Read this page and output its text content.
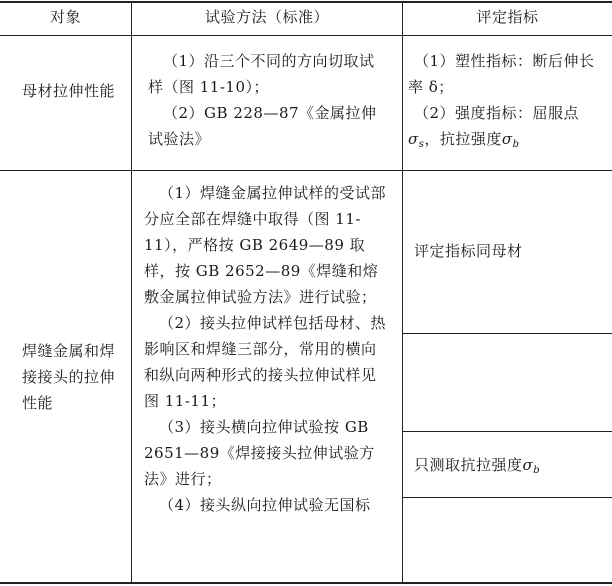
对象	试验方法（标准）	评定指标
母材拉伸性能
（1）沿三个不同的方向切取试样（图 11-10）；
（2）GB 228—87《金属拉伸试验法》
（1）塑性指标：断后伸长率 δ；
（2）强度指标：屈服点$\sigma_s$，抗拉强度$\sigma_b$
焊缝金属和焊接接头的拉伸性能
（1）焊缝金属拉伸试样的受试部分应全部在焊缝中取得（图 11-11），严格按 GB 2649—89 取样，按 GB 2652—89《焊缝和熔敷金属拉伸试验方法》进行试验；
（2）接头拉伸试样包括母材、热影响区和焊缝三部分，常用的横向和纵向两种形式的接头拉伸试样见图 11-11；
（3）接头横向拉伸试验按 GB 2651—89《焊接接头拉伸试验方法》进行；
（4）接头纵向拉伸试验无国标
评定指标同母材
只测取抗拉强度$\sigma_b$
